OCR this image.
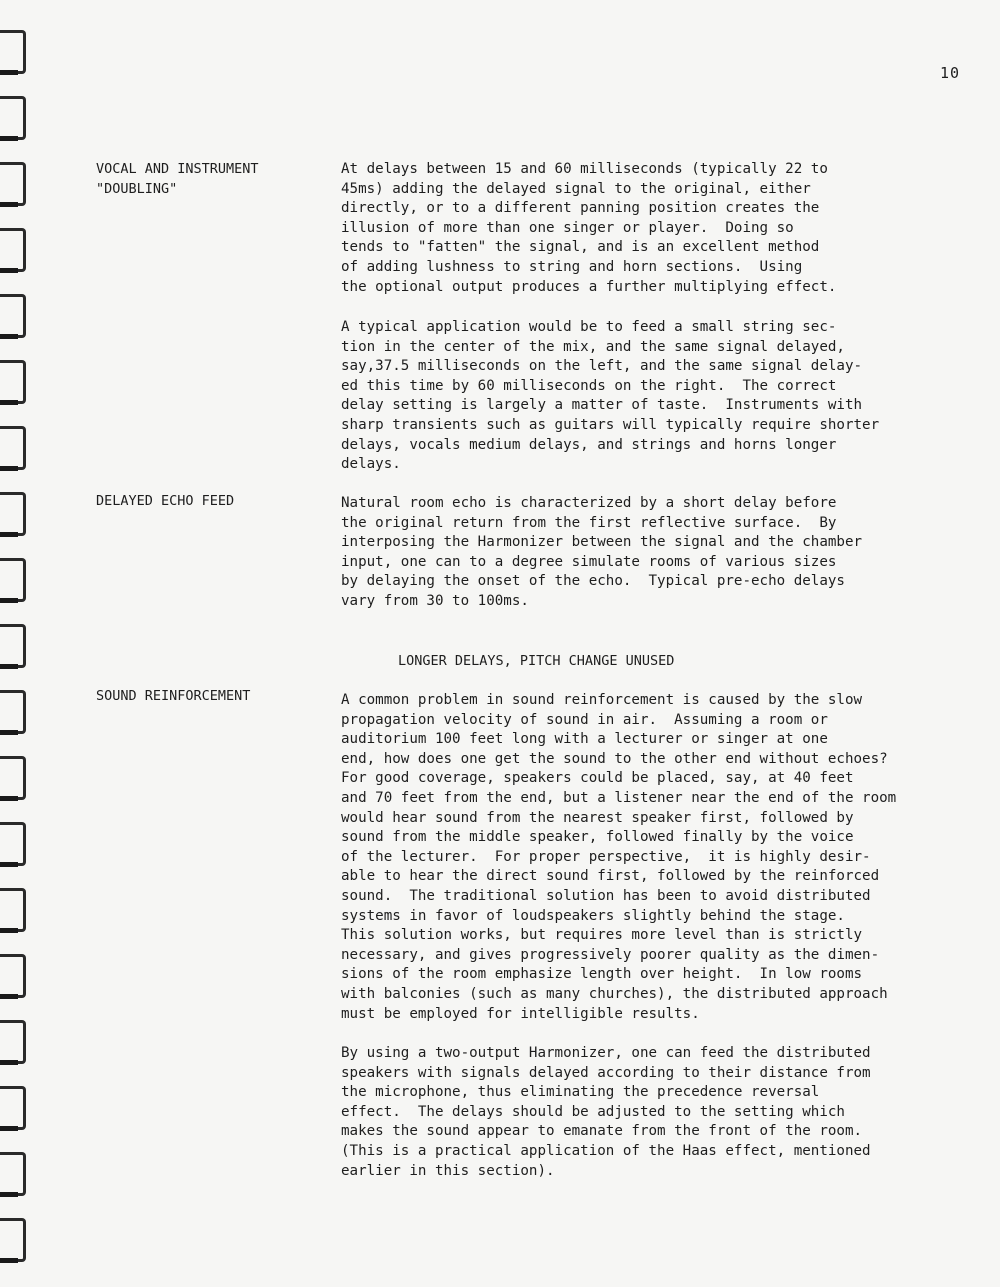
10
VOCAL AND INSTRUMENT
"DOUBLING"
At delays between 15 and 60 milliseconds (typically 22 to
45ms) adding the delayed signal to the original, either
directly, or to a different panning position creates the
illusion of more than one singer or player.  Doing so
tends to "fatten" the signal, and is an excellent method
of adding lushness to string and horn sections.  Using
the optional output produces a further multiplying effect.
A typical application would be to feed a small string sec-
tion in the center of the mix, and the same signal delayed,
say,37.5 milliseconds on the left, and the same signal delay-
ed this time by 60 milliseconds on the right.  The correct
delay setting is largely a matter of taste.  Instruments with
sharp transients such as guitars will typically require shorter
delays, vocals medium delays, and strings and horns longer
delays.
DELAYED ECHO FEED	Natural room echo is characterized by a short delay before
the original return from the first reflective surface.  By
interposing the Harmonizer between the signal and the chamber
input, one can to a degree simulate rooms of various sizes
by delaying the onset of the echo.  Typical pre-echo delays
vary from 30 to 100ms.
LONGER DELAYS, PITCH CHANGE UNUSED
SOUND REINFORCEMENT	A common problem in sound reinforcement is caused by the slow
propagation velocity of sound in air.  Assuming a room or
auditorium 100 feet long with a lecturer or singer at one
end, how does one get the sound to the other end without echoes?
For good coverage, speakers could be placed, say, at 40 feet
and 70 feet from the end, but a listener near the end of the room
would hear sound from the nearest speaker first, followed by
sound from the middle speaker, followed finally by the voice
of the lecturer.  For proper perspective,  it is highly desir-
able to hear the direct sound first, followed by the reinforced
sound.  The traditional solution has been to avoid distributed
systems in favor of loudspeakers slightly behind the stage.
This solution works, but requires more level than is strictly
necessary, and gives progressively poorer quality as the dimen-
sions of the room emphasize length over height.  In low rooms
with balconies (such as many churches), the distributed approach
must be employed for intelligible results.
By using a two-output Harmonizer, one can feed the distributed
speakers with signals delayed according to their distance from
the microphone, thus eliminating the precedence reversal
effect.  The delays should be adjusted to the setting which
makes the sound appear to emanate from the front of the room.
(This is a practical application of the Haas effect, mentioned
earlier in this section).
